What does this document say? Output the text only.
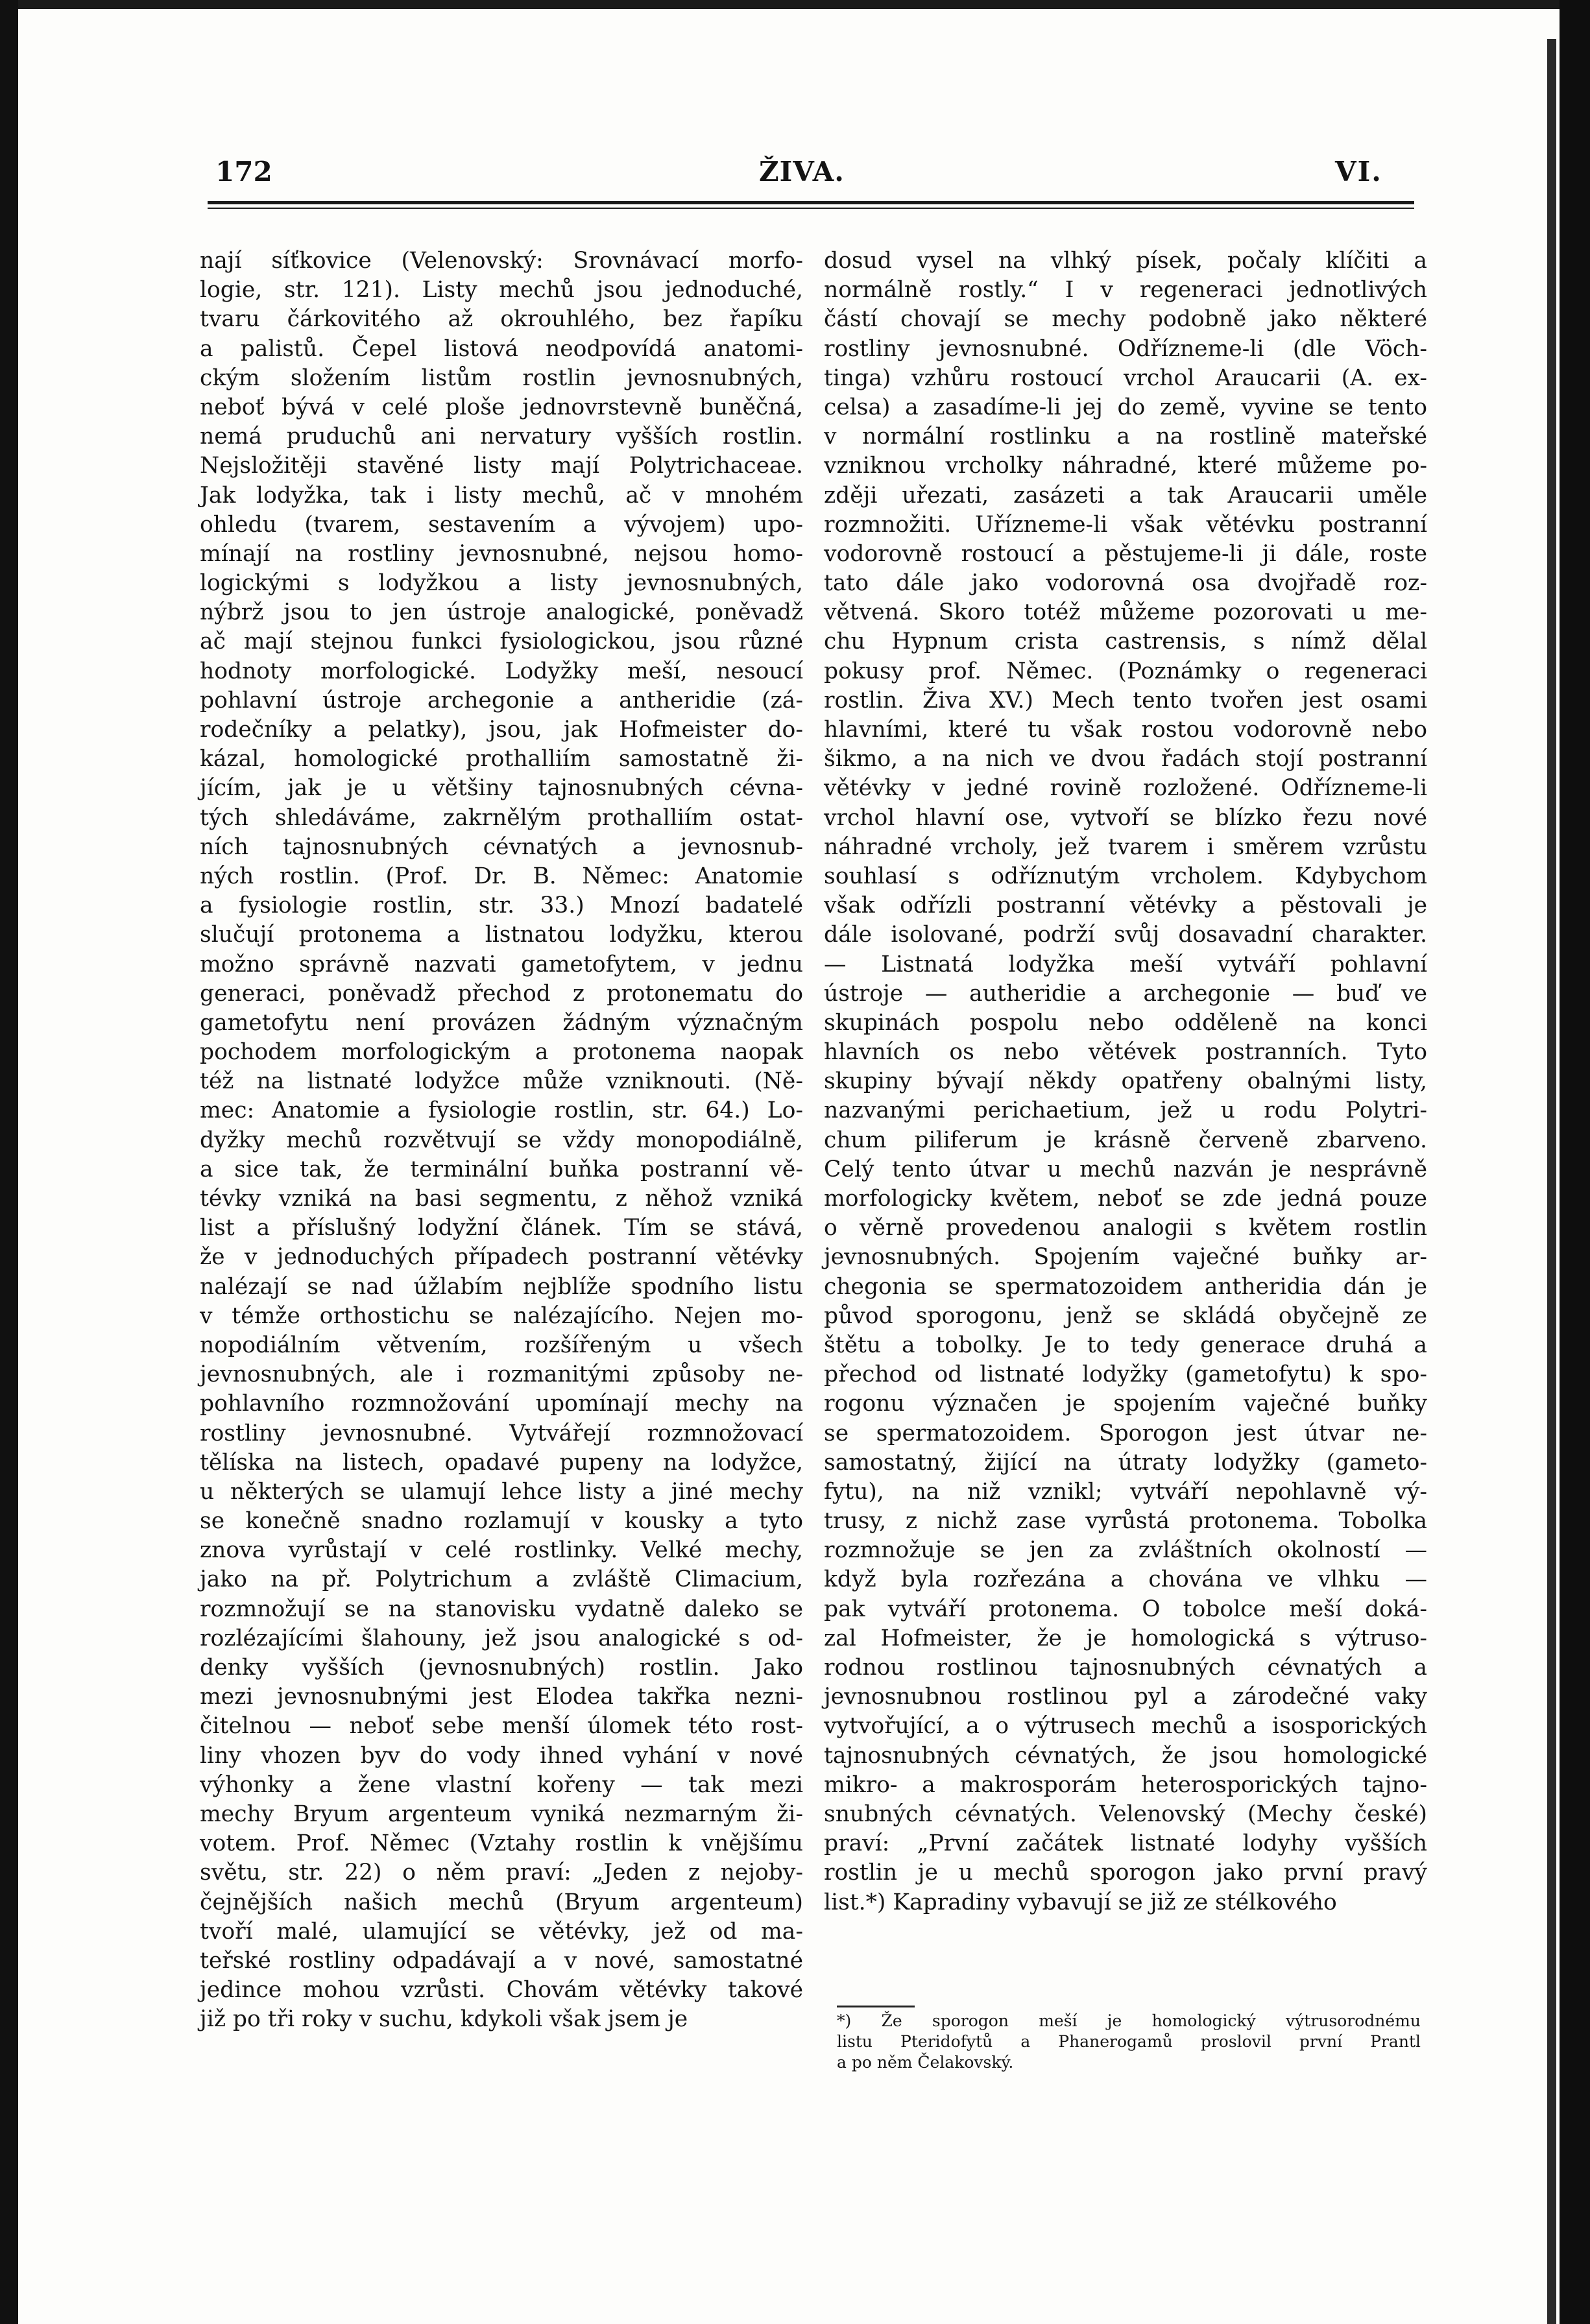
172	ŽIVA.	VI.
nají síťkovice (Velenovský: Srovnávací morfo-
logie, str. 121). Listy mechů jsou jednoduché,
tvaru čárkovitého až okrouhlého, bez řapíku
a palistů. Čepel listová neodpovídá anatomi-
ckým složením listům rostlin jevnosnubných,
neboť bývá v celé ploše jednovrstevně buněčná,
nemá pruduchů ani nervatury vyšších rostlin.
Nejsložitěji stavěné listy mají Polytrichaceae.
Jak lodyžka, tak i listy mechů, ač v mnohém
ohledu (tvarem, sestavením a vývojem) upo-
mínají na rostliny jevnosnubné, nejsou homo-
logickými s lodyžkou a listy jevnosnubných,
nýbrž jsou to jen ústroje analogické, poněvadž
ač mají stejnou funkci fysiologickou, jsou různé
hodnoty morfologické. Lodyžky meší, nesoucí
pohlavní ústroje archegonie a antheridie (zá-
rodečníky a pelatky), jsou, jak Hofmeister do-
kázal, homologické prothalliím samostatně ži-
jícím, jak je u většiny tajnosnubných cévna-
tých shledáváme, zakrnělým prothalliím ostat-
ních tajnosnubných cévnatých a jevnosnub-
ných rostlin. (Prof. Dr. B. Němec: Anatomie
a fysiologie rostlin, str. 33.) Mnozí badatelé
slučují protonema a listnatou lodyžku, kterou
možno správně nazvati gametofytem, v jednu
generaci, poněvadž přechod z protonematu do
gametofytu není provázen žádným význačným
pochodem morfologickým a protonema naopak
též na listnaté lodyžce může vzniknouti. (Ně-
mec: Anatomie a fysiologie rostlin, str. 64.) Lo-
dyžky mechů rozvětvují se vždy monopodiálně,
a sice tak, že terminální buňka postranní vě-
tévky vzniká na basi segmentu, z něhož vzniká
list a příslušný lodyžní článek. Tím se stává,
že v jednoduchých případech postranní větévky
nalézají se nad úžlabím nejblíže spodního listu
v témže orthostichu se nalézajícího. Nejen mo-
nopodiálním větvením, rozšířeným u všech
jevnosnubných, ale i rozmanitými způsoby ne-
pohlavního rozmnožování upomínají mechy na
rostliny jevnosnubné. Vytvářejí rozmnožovací
tělíska na listech, opadavé pupeny na lodyžce,
u některých se ulamují lehce listy a jiné mechy
se konečně snadno rozlamují v kousky a tyto
znova vyrůstají v celé rostlinky. Velké mechy,
jako na př. Polytrichum a zvláště Climacium,
rozmnožují se na stanovisku vydatně daleko se
rozlézajícími šlahouny, jež jsou analogické s od-
denky vyšších (jevnosnubných) rostlin. Jako
mezi jevnosnubnými jest Elodea takřka nezni-
čitelnou — neboť sebe menší úlomek této rost-
liny vhozen byv do vody ihned vyhání v nové
výhonky a žene vlastní kořeny — tak mezi
mechy Bryum argenteum vyniká nezmarným ži-
votem. Prof. Němec (Vztahy rostlin k vnějšímu
světu, str. 22) o něm praví: „Jeden z nejoby-
čejnějších našich mechů (Bryum argenteum)
tvoří malé, ulamující se větévky, jež od ma-
teřské rostliny odpadávají a v nové, samostatné
jedince mohou vzrůsti. Chovám větévky takové
již po tři roky v suchu, kdykoli však jsem je
dosud vysel na vlhký písek, počaly klíčiti a
normálně rostly.“ I v regeneraci jednotlivých
částí chovají se mechy podobně jako některé
rostliny jevnosnubné. Odřízneme-li (dle Vöch-
tinga) vzhůru rostoucí vrchol Araucarii (A. ex-
celsa) a zasadíme-li jej do země, vyvine se tento
v normální rostlinku a na rostlině mateřské
vzniknou vrcholky náhradné, které můžeme po-
zději uřezati, zasázeti a tak Araucarii uměle
rozmnožiti. Uřízneme-li však větévku postranní
vodorovně rostoucí a pěstujeme-li ji dále, roste
tato dále jako vodorovná osa dvojřadě roz-
větvená. Skoro totéž můžeme pozorovati u me-
chu Hypnum crista castrensis, s nímž dělal
pokusy prof. Němec. (Poznámky o regeneraci
rostlin. Živa XV.) Mech tento tvořen jest osami
hlavními, které tu však rostou vodorovně nebo
šikmo, a na nich ve dvou řadách stojí postranní
větévky v jedné rovině rozložené. Odřízneme-li
vrchol hlavní ose, vytvoří se blízko řezu nové
náhradné vrcholy, jež tvarem i směrem vzrůstu
souhlasí s odříznutým vrcholem. Kdybychom
však odřízli postranní větévky a pěstovali je
dále isolované, podrží svůj dosavadní charakter.
— Listnatá lodyžka meší vytváří pohlavní
ústroje — autheridie a archegonie — buď ve
skupinách pospolu nebo odděleně na konci
hlavních os nebo větévek postranních. Tyto
skupiny bývají někdy opatřeny obalnými listy,
nazvanými perichaetium, jež u rodu Polytri-
chum piliferum je krásně červeně zbarveno.
Celý tento útvar u mechů nazván je nesprávně
morfologicky květem, neboť se zde jedná pouze
o věrně provedenou analogii s květem rostlin
jevnosnubných. Spojením vaječné buňky ar-
chegonia se spermatozoidem antheridia dán je
původ sporogonu, jenž se skládá obyčejně ze
štětu a tobolky. Je to tedy generace druhá a
přechod od listnaté lodyžky (gametofytu) k spo-
rogonu význačen je spojením vaječné buňky
se spermatozoidem. Sporogon jest útvar ne-
samostatný, žijící na útraty lodyžky (gameto-
fytu), na niž vznikl; vytváří nepohlavně vý-
trusy, z nichž zase vyrůstá protonema. Tobolka
rozmnožuje se jen za zvláštních okolností —
když byla rozřezána a chována ve vlhku —
pak vytváří protonema. O tobolce meší doká-
zal Hofmeister, že je homologická s výtruso-
rodnou rostlinou tajnosnubných cévnatých a
jevnosnubnou rostlinou pyl a zárodečné vaky
vytvořující, a o výtrusech mechů a isosporických
tajnosnubných cévnatých, že jsou homologické
mikro- a makrosporám heterosporických tajno-
snubných cévnatých. Velenovský (Mechy české)
praví: „První začátek listnaté lodyhy vyšších
rostlin je u mechů sporogon jako první pravý
list.*) Kapradiny vybavují se již ze stélkového
*) Že sporogon meší je homologický výtrusorodnému
listu Pteridofytů a Phanerogamů proslovil první Prantl
a po něm Čelakovský.
